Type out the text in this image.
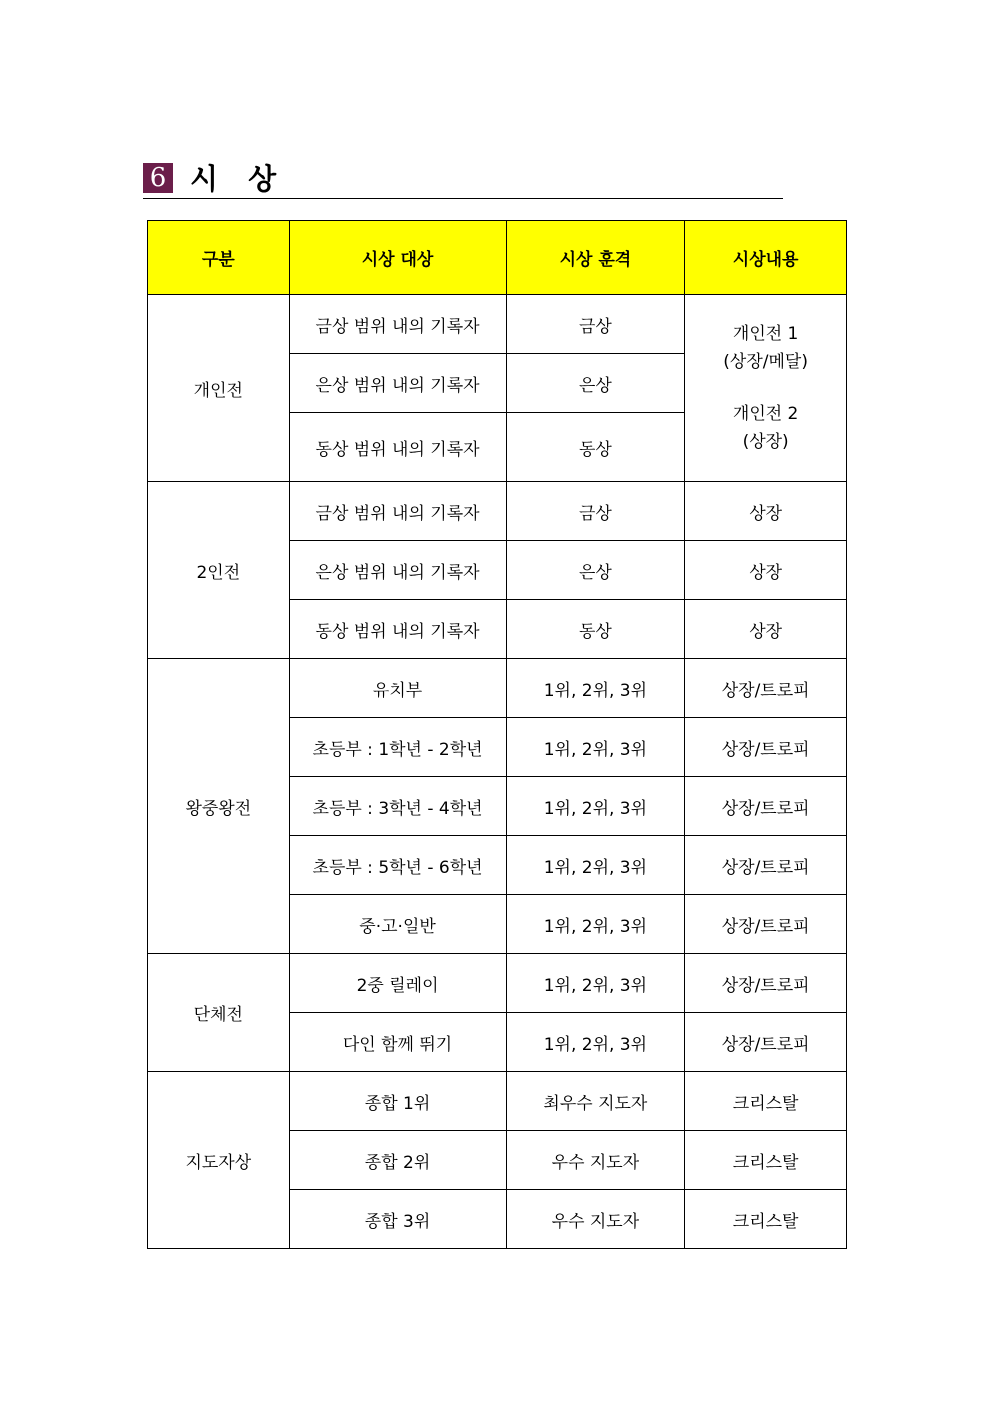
6 시 상
구분	시상 대상	시상 훈격	시상내용
개인전	금상 범위 내의 기록자	금상	개인전 1
(상장/메달)
개인전 2
(상장)

	은상 범위 내의 기록자	은상	
	동상 범위 내의 기록자	동상	
2인전	금상 범위 내의 기록자	금상	상장
	은상 범위 내의 기록자	은상	상장
	동상 범위 내의 기록자	동상	상장
왕중왕전	유치부	1위, 2위, 3위	상장/트로피
	초등부 : 1학년 - 2학년	1위, 2위, 3위	상장/트로피
	초등부 : 3학년 - 4학년	1위, 2위, 3위	상장/트로피
	초등부 : 5학년 - 6학년	1위, 2위, 3위	상장/트로피
	중·고·일반	1위, 2위, 3위	상장/트로피
단체전	2중 릴레이	1위, 2위, 3위	상장/트로피
	다인 함께 뛰기	1위, 2위, 3위	상장/트로피
지도자상	종합 1위	최우수 지도자	크리스탈
	종합 2위	우수 지도자	크리스탈
	종합 3위	우수 지도자	크리스탈
